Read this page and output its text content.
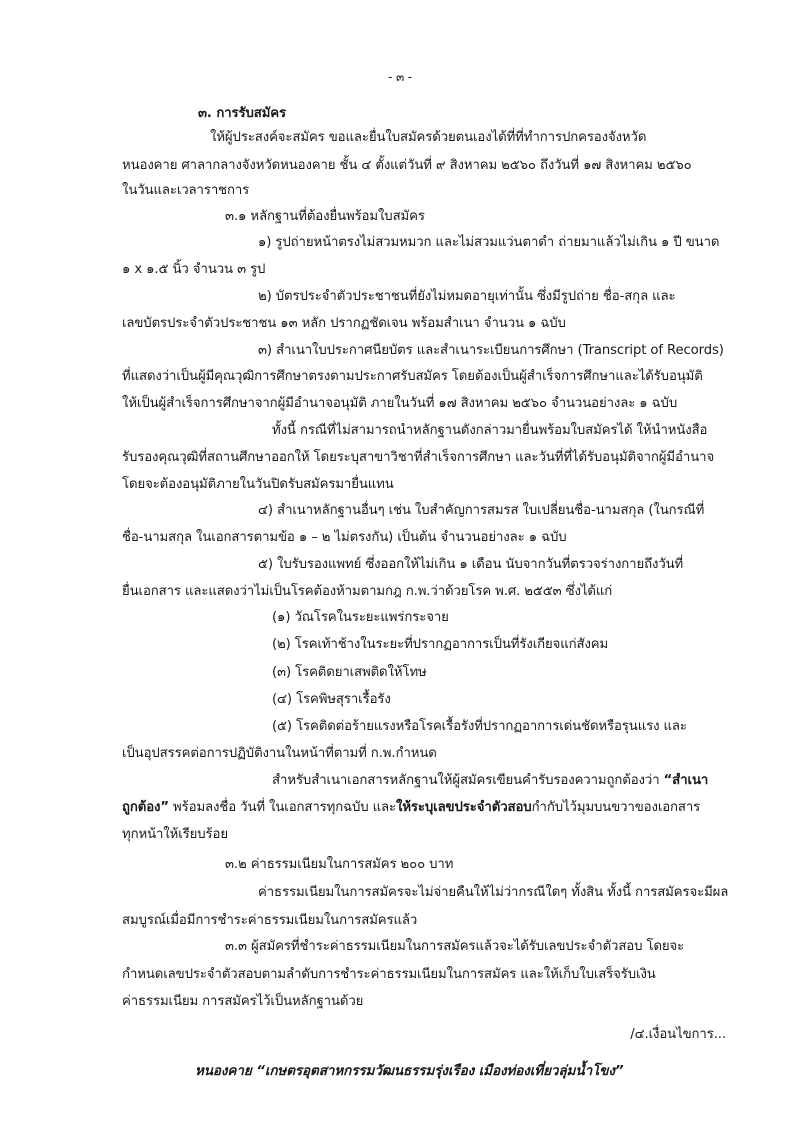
- ๓ -
๓. การรับสมัคร
ให้ผู้ประสงค์จะสมัคร ขอและยื่นใบสมัครด้วยตนเองได้ที่ที่ทำการปกครองจังหวัด
หนองคาย ศาลากลางจังหวัดหนองคาย ชั้น ๔ ตั้งแต่วันที่ ๙ สิงหาคม ๒๕๖๐ ถึงวันที่ ๑๗ สิงหาคม ๒๕๖๐
ในวันและเวลาราชการ
๓.๑ หลักฐานที่ต้องยื่นพร้อมใบสมัคร
๑) รูปถ่ายหน้าตรงไม่สวมหมวก และไม่สวมแว่นตาดำ ถ่ายมาแล้วไม่เกิน ๑ ปี ขนาด
๑ x ๑.๕ นิ้ว จำนวน ๓ รูป
๒) บัตรประจำตัวประชาชนที่ยังไม่หมดอายุเท่านั้น ซึ่งมีรูปถ่าย ชื่อ-สกุล และ
เลขบัตรประจำตัวประชาชน ๑๓ หลัก ปรากฏชัดเจน พร้อมสำเนา จำนวน ๑ ฉบับ
๓) สำเนาใบประกาศนียบัตร และสำเนาระเบียนการศึกษา (Transcript of Records)
ที่แสดงว่าเป็นผู้มีคุณวุฒิการศึกษาตรงตามประกาศรับสมัคร โดยต้องเป็นผู้สำเร็จการศึกษาและได้รับอนุมัติ
ให้เป็นผู้สำเร็จการศึกษาจากผู้มีอำนาจอนุมัติ ภายในวันที่ ๑๗ สิงหาคม ๒๕๖๐ จำนวนอย่างละ ๑ ฉบับ
ทั้งนี้ กรณีที่ไม่สามารถนำหลักฐานดังกล่าวมายื่นพร้อมใบสมัครได้ ให้นำหนังสือ
รับรองคุณวุฒิที่สถานศึกษาออกให้ โดยระบุสาขาวิชาที่สำเร็จการศึกษา และวันที่ที่ได้รับอนุมัติจากผู้มีอำนาจ
โดยจะต้องอนุมัติภายในวันปิดรับสมัครมายื่นแทน
๔) สำเนาหลักฐานอื่นๆ เช่น ใบสำคัญการสมรส ใบเปลี่ยนชื่อ-นามสกุล (ในกรณีที่
ชื่อ-นามสกุล ในเอกสารตามข้อ ๑ – ๒ ไม่ตรงกัน) เป็นต้น จำนวนอย่างละ ๑ ฉบับ
๕) ใบรับรองแพทย์ ซึ่งออกให้ไม่เกิน ๑ เดือน นับจากวันที่ตรวจร่างกายถึงวันที่
ยื่นเอกสาร และแสดงว่าไม่เป็นโรคต้องห้ามตามกฎ ก.พ.ว่าด้วยโรค พ.ศ. ๒๕๕๓ ซึ่งได้แก่
(๑) วัณโรคในระยะแพร่กระจาย
(๒) โรคเท้าช้างในระยะที่ปรากฏอาการเป็นที่รังเกียจแก่สังคม
(๓) โรคติดยาเสพติดให้โทษ
(๔) โรคพิษสุราเรื้อรัง
(๕) โรคติดต่อร้ายแรงหรือโรคเรื้อรังที่ปรากฏอาการเด่นชัดหรือรุนแรง และ
เป็นอุปสรรคต่อการปฏิบัติงานในหน้าที่ตามที่ ก.พ.กำหนด
สำหรับสำเนาเอกสารหลักฐานให้ผู้สมัครเขียนคำรับรองความถูกต้องว่า “สำเนา
ถูกต้อง” พร้อมลงชื่อ วันที่ ในเอกสารทุกฉบับ และให้ระบุเลขประจำตัวสอบกำกับไว้มุมบนขวาของเอกสาร
ทุกหน้าให้เรียบร้อย
๓.๒ ค่าธรรมเนียมในการสมัคร ๒๐๐ บาท
ค่าธรรมเนียมในการสมัครจะไม่จ่ายคืนให้ไม่ว่ากรณีใดๆ ทั้งสิน ทั้งนี้ การสมัครจะมีผล
สมบูรณ์เมื่อมีการชำระค่าธรรมเนียมในการสมัครแล้ว
๓.๓ ผู้สมัครที่ชำระค่าธรรมเนียมในการสมัครแล้วจะได้รับเลขประจำตัวสอบ โดยจะ
กำหนดเลขประจำตัวสอบตามลำดับการชำระค่าธรรมเนียมในการสมัคร และให้เก็บใบเสร็จรับเงิน
ค่าธรรมเนียม การสมัครไว้เป็นหลักฐานด้วย
/๔.เงื่อนไขการ...
หนองคาย “เกษตรอุตสาหกรรมวัฒนธรรมรุ่งเรือง เมืองท่องเที่ยวลุ่มน้ำโขง”
